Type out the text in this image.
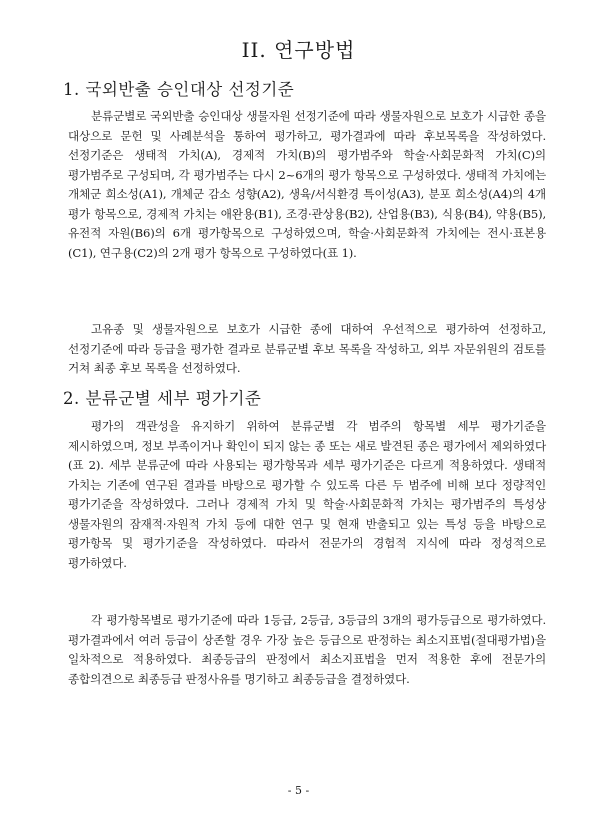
II. 연구방법
1. 국외반출 승인대상 선정기준

분류군별로 국외반출 승인대상 생물자원 선정기준에 따라 생물자원으로 보호가 시급한 종을 대상으로 문헌 및 사례분석을 통하여 평가하고, 평가결과에 따라 후보목록을 작성하였다. 선정기준은 생태적 가치(A), 경제적 가치(B)의 평가범주와 학술·사회문화적 가치(C)의 평가범주로 구성되며, 각 평가범주는 다시 2~6개의 평가 항목으로 구성하였다. 생태적 가치에는 개체군 희소성(A1), 개체군 감소 성향(A2), 생육/서식환경 특이성(A3), 분포 희소성(A4)의 4개 평가 항목으로, 경제적 가치는 애완용(B1), 조경·관상용(B2), 산업용(B3), 식용(B4), 약용(B5), 유전적 자원(B6)의 6개 평가항목으로 구성하였으며, 학술·사회문화적 가치에는 전시·표본용(C1), 연구용(C2)의 2개 평가 항목으로 구성하였다(표 1).

고유종 및 생물자원으로 보호가 시급한 종에 대하여 우선적으로 평가하여 선정하고, 선정기준에 따라 등급을 평가한 결과로 분류군별 후보 목록을 작성하고, 외부 자문위원의 검토를 거쳐 최종 후보 목록을 선정하였다.

2. 분류군별 세부 평가기준

평가의 객관성을 유지하기 위하여 분류군별 각 범주의 항목별 세부 평가기준을 제시하였으며, 정보 부족이거나 확인이 되지 않는 종 또는 새로 발견된 종은 평가에서 제외하였다(표 2). 세부 분류군에 따라 사용되는 평가항목과 세부 평가기준은 다르게 적용하였다. 생태적 가치는 기존에 연구된 결과를 바탕으로 평가할 수 있도록 다른 두 범주에 비해 보다 정량적인 평가기준을 작성하였다. 그러나 경제적 가치 및 학술·사회문화적 가치는 평가범주의 특성상 생물자원의 잠재적·자원적 가치 등에 대한 연구 및 현재 반출되고 있는 특성 등을 바탕으로 평가항목 및 평가기준을 작성하였다. 따라서 전문가의 경험적 지식에 따라 정성적으로 평가하였다.

각 평가항목별로 평가기준에 따라 1등급, 2등급, 3등급의 3개의 평가등급으로 평가하였다. 평가결과에서 여러 등급이 상존할 경우 가장 높은 등급으로 판정하는 최소지표법(절대평가법)을 일차적으로 적용하였다. 최종등급의 판정에서 최소지표법을 먼저 적용한 후에 전문가의 종합의견으로 최종등급 판정사유를 명기하고 최종등급을 결정하였다.

- 5 -
